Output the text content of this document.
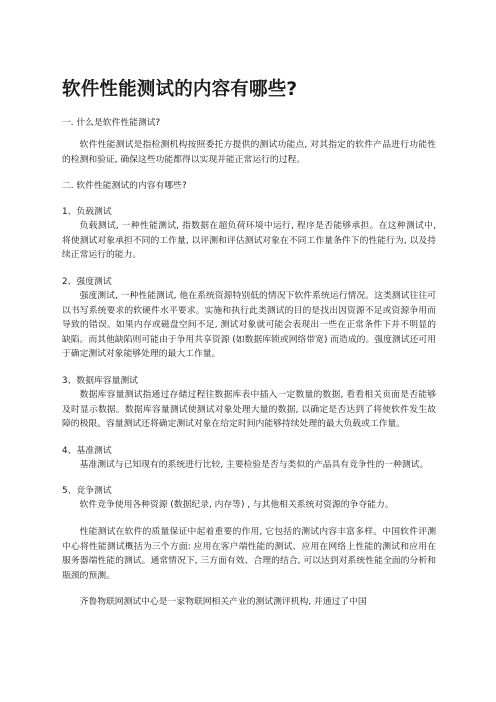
软件性能测试的内容有哪些?

一. 什么是软件性能测试?

软件性能测试是指检测机构按照委托方提供的测试功能点, 对其指定的软件产品进行功能性的检测和验证, 确保这些功能都得以实现并能正常运行的过程。

二. 软件性能测试的内容有哪些?

1、负载测试

负载测试, 一种性能测试, 指数据在超负荷环境中运行, 程序是否能够承担。在这种测试中, 将使测试对象承担不同的工作量, 以评测和评估测试对象在不同工作量条件下的性能行为, 以及持续正常运行的能力。

2、强度测试

强度测试, 一种性能测试, 他在系统资源特别低的情况下软件系统运行情况。这类测试往往可以书写系统要求的软硬件水平要求。实施和执行此类测试的目的是找出因资源不足或资源争用而导致的错误。如果内存或磁盘空间不足, 测试对象就可能会表现出一些在正常条件下并不明显的缺陷。而其他缺陷则可能由于争用共享资源 (如数据库锁或网络带宽) 而造成的。强度测试还可用于确定测试对象能够处理的最大工作量。

3、数据库容量测试

数据库容量测试指通过存储过程往数据库表中插入一定数量的数据, 看看相关页面是否能够及时显示数据。数据库容量测试使测试对象处理大量的数据, 以确定是否达到了将使软件发生故障的极限。容量测试还将确定测试对象在给定时间内能够持续处理的最大负载或工作量。

4、基准测试

基准测试与已知现有的系统进行比较, 主要检验是否与类似的产品具有竞争性的一种测试。

5、竞争测试

软件竞争使用各种资源 (数据纪录, 内存等) , 与其他相关系统对资源的争夺能力。

性能测试在软件的质量保证中起着重要的作用, 它包括的测试内容丰富多样。中国软件评测中心将性能测试概括为三个方面: 应用在客户端性能的测试、应用在网络上性能的测试和应用在服务器端性能的测试。通常情况下, 三方面有效、合理的结合, 可以达到对系统性能全面的分析和瓶颈的预测。

齐鲁物联网测试中心是一家物联网相关产业的测试测评机构, 并通过了中国
